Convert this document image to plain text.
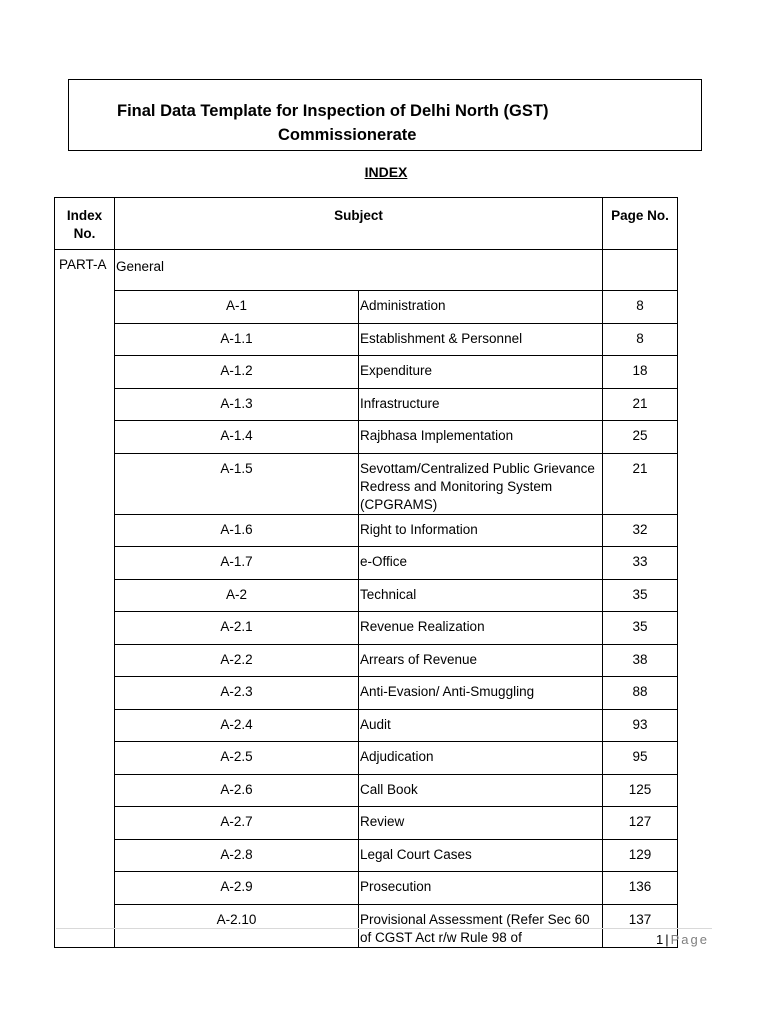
Final Data Template for Inspection of Delhi North (GST)
Commissionerate
INDEX
Index No.	Subject		Page No.
PART-A	General		
	A-1	Administration	8
	A-1.1	Establishment & Personnel	8
	A-1.2	Expenditure	18
	A-1.3	Infrastructure	21
	A-1.4	Rajbhasa Implementation	25
	A-1.5	Sevottam/Centralized Public Grievance Redress and Monitoring System (CPGRAMS)	21
	A-1.6	Right to Information	32
	A-1.7	e-Office	33
	A-2	Technical	35
	A-2.1	Revenue Realization	35
	A-2.2	Arrears of Revenue	38
	A-2.3	Anti-Evasion/ Anti-Smuggling	88
	A-2.4	Audit	93
	A-2.5	Adjudication	95
	A-2.6	Call Book	125
	A-2.7	Review	127
	A-2.8	Legal Court Cases	129
	A-2.9	Prosecution	136
	A-2.10	Provisional Assessment (Refer Sec 60 of CGST Act r/w Rule 98 of	137
1 | Page
